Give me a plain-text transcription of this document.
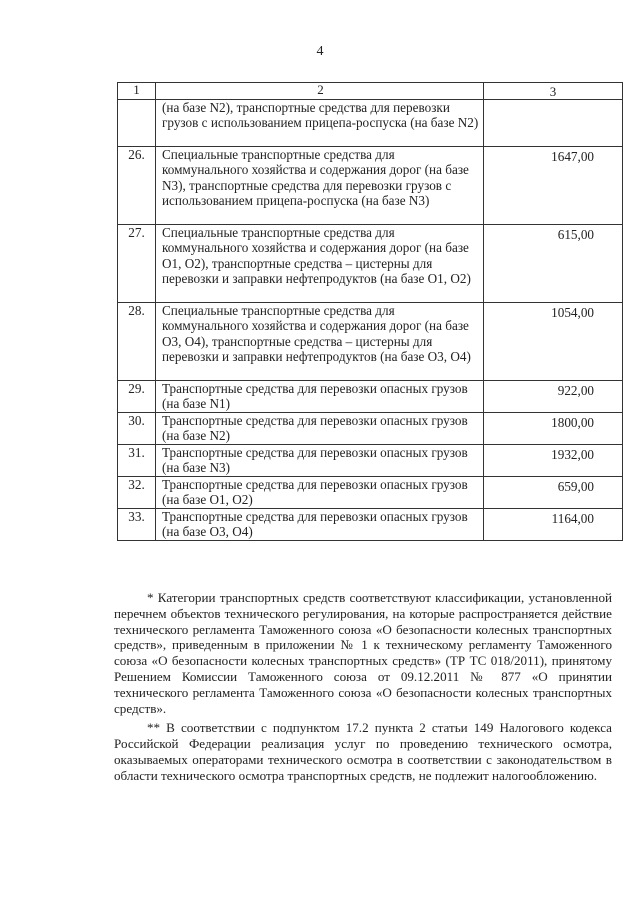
4
1	2	3
	(на базе N2), транспортные средства для перевозки грузов с использованием прицепа-роспуска (на базе N2)	
26.	Специальные транспортные средства для коммунального хозяйства и содержания дорог (на базе N3), транспортные средства для перевозки грузов с использованием прицепа-роспуска (на базе N3)	1647,00
27.	Специальные транспортные средства для коммунального хозяйства и содержания дорог (на базе О1, О2), транспортные средства – цистерны для перевозки и заправки нефтепродуктов (на базе О1, О2)	615,00
28.	Специальные транспортные средства для коммунального хозяйства и содержания дорог (на базе О3, О4), транспортные средства – цистерны для перевозки и заправки нефтепродуктов (на базе О3, О4)	1054,00
29.	Транспортные средства для перевозки опасных грузов (на базе N1)	922,00
30.	Транспортные средства для перевозки опасных грузов (на базе N2)	1800,00
31.	Транспортные средства для перевозки опасных грузов (на базе N3)	1932,00
32.	Транспортные средства для перевозки опасных грузов (на базе О1, О2)	659,00
33.	Транспортные средства для перевозки опасных грузов (на базе О3, О4)	1164,00

* Категории транспортных средств соответствуют классификации, установленной перечнем объектов технического регулирования, на которые распространяется действие технического регламента Таможенного союза «О безопасности колесных транспортных средств», приведенным в приложении № 1 к техническому регламенту Таможенного союза «О безопасности колесных транспортных средств» (ТР ТС 018/2011), принятому Решением Комиссии Таможенного союза от 09.12.2011 № 877 «О принятии технического регламента Таможенного союза «О безопасности колесных транспортных средств».

** В соответствии с подпунктом 17.2 пункта 2 статьи 149 Налогового кодекса Российской Федерации реализация услуг по проведению технического осмотра, оказываемых операторами технического осмотра в соответствии с законодательством в области технического осмотра транспортных средств, не подлежит налогообложению.
